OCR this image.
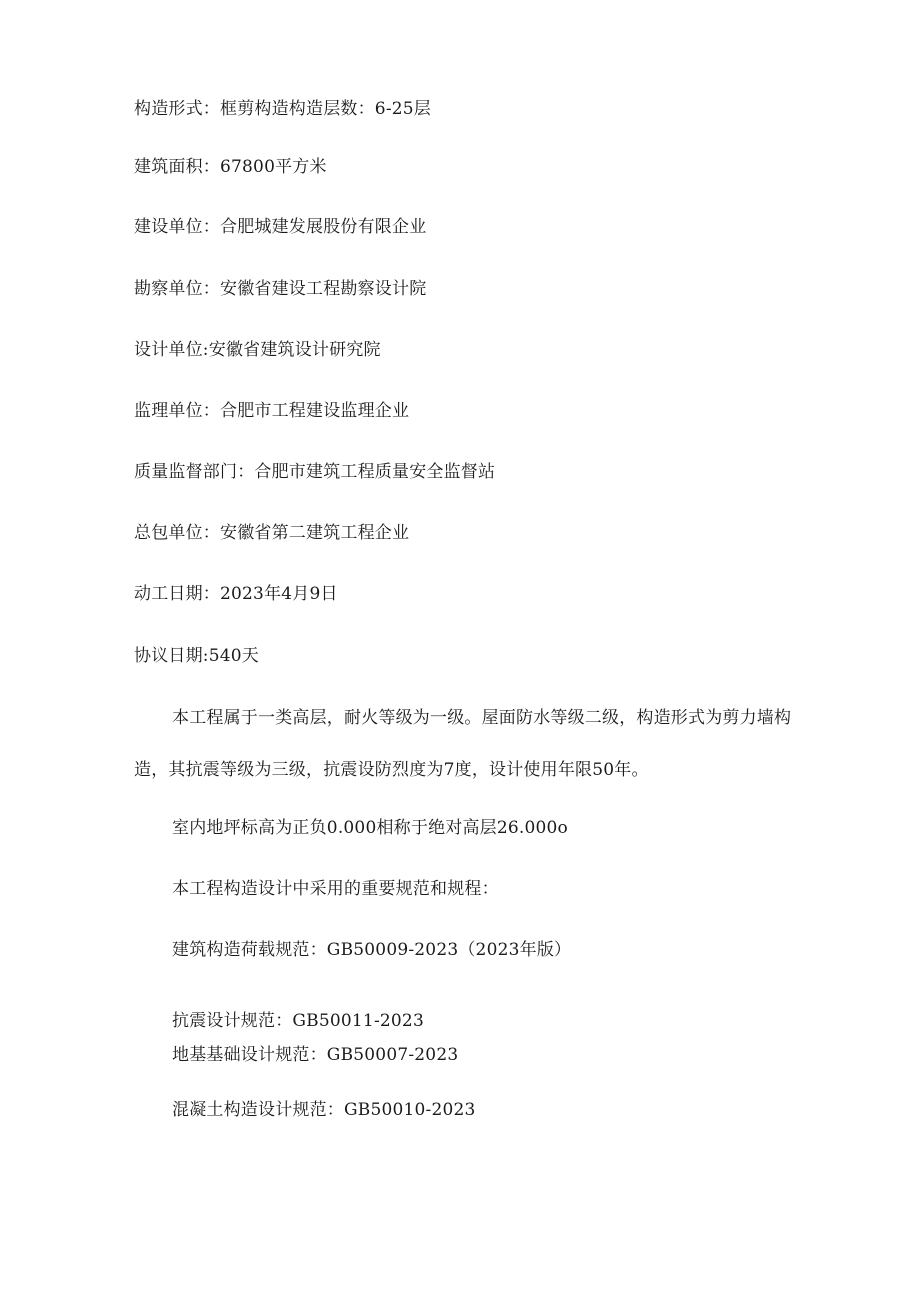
构造形式：框剪构造构造层数：6-25层
建筑面积：67800平方米
建设单位：合肥城建发展股份有限企业
勘察单位：安徽省建设工程勘察设计院
设计单位:安徽省建筑设计研究院
监理单位：合肥市工程建设监理企业
质量监督部门：合肥市建筑工程质量安全监督站
总包单位：安徽省第二建筑工程企业
动工日期：2023年4月9日
协议日期:540天
本工程属于一类高层，耐火等级为一级。屋面防水等级二级，构造形式为剪力墙构
造，其抗震等级为三级，抗震设防烈度为7度，设计使用年限50年。
室内地坪标高为正负0.000相称于绝对高层26.000o
本工程构造设计中采用的重要规范和规程：
建筑构造荷载规范：GB50009-2023（2023年版）
抗震设计规范：GB50011-2023
地基基础设计规范：GB50007-2023
混凝土构造设计规范：GB50010-2023
